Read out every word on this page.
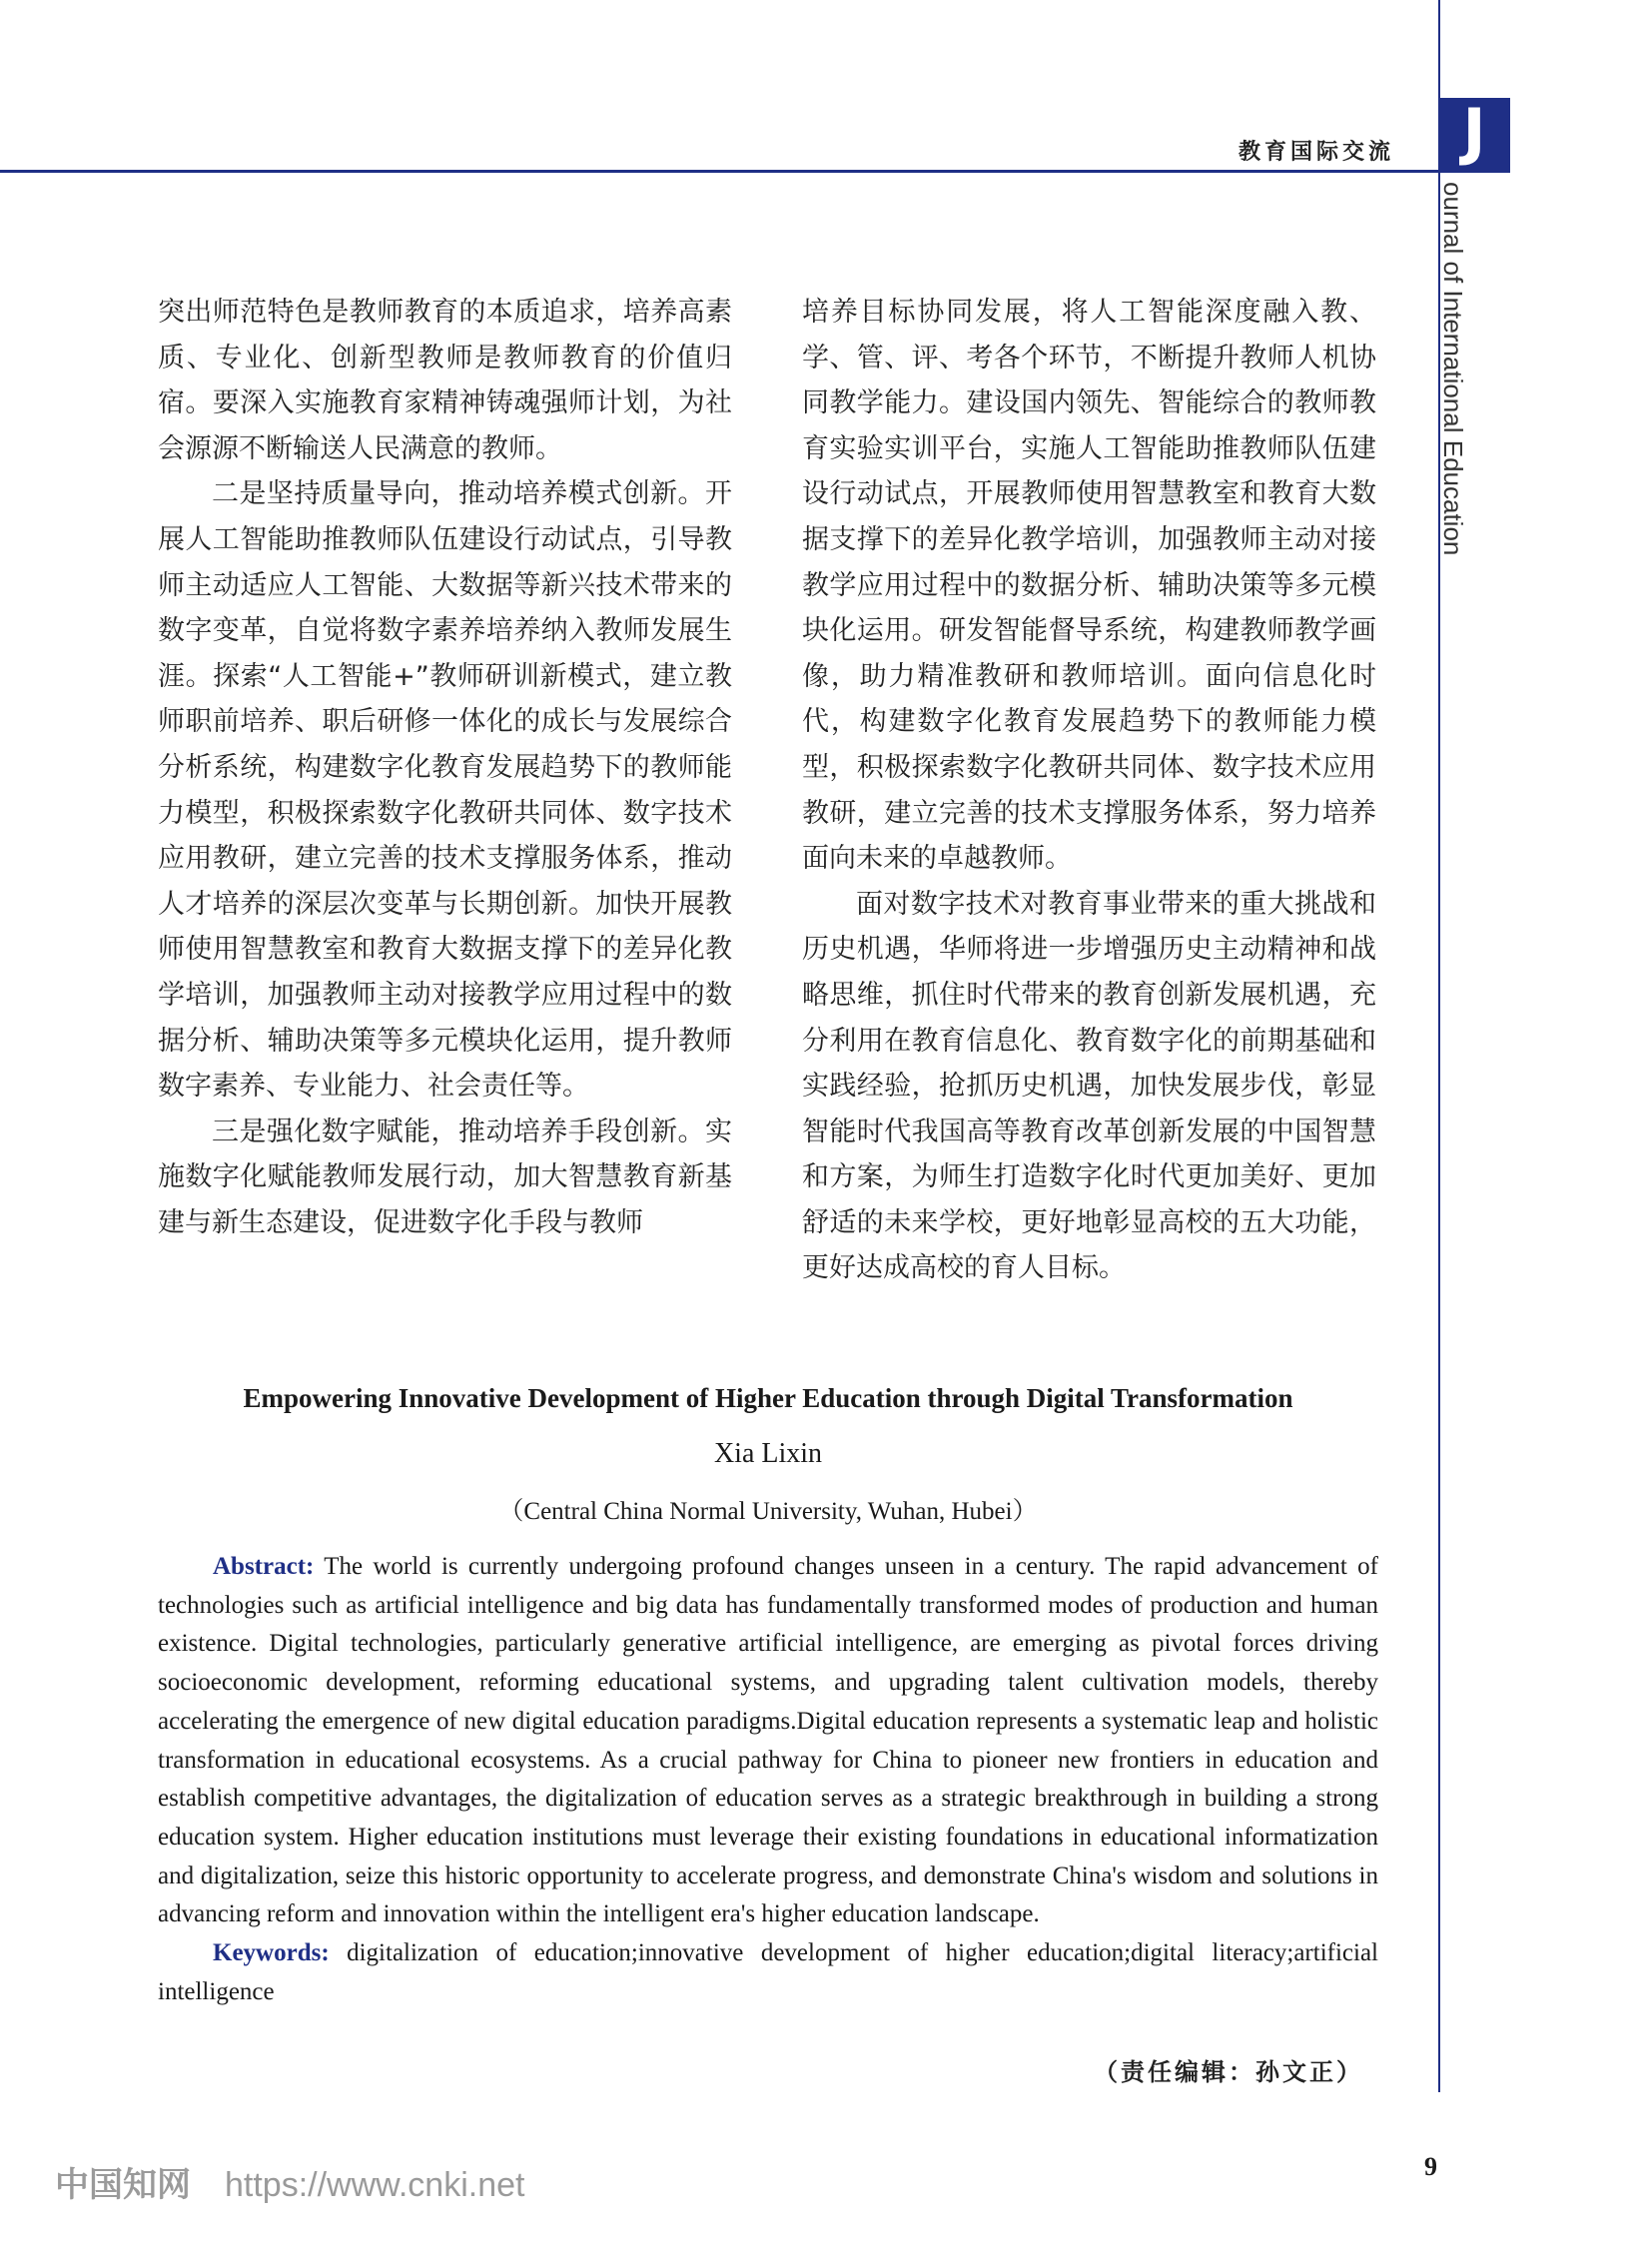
教育国际交流 J
ournal of International Education

突出师范特色是教师教育的本质追求，培养高素质、专业化、创新型教师是教师教育的价值归宿。要深入实施教育家精神铸魂强师计划，为社会源源不断输送人民满意的教师。

二是坚持质量导向，推动培养模式创新。开展人工智能助推教师队伍建设行动试点，引导教师主动适应人工智能、大数据等新兴技术带来的数字变革，自觉将数字素养培养纳入教师发展生涯。探索“人工智能+”教师研训新模式，建立教师职前培养、职后研修一体化的成长与发展综合分析系统，构建数字化教育发展趋势下的教师能力模型，积极探索数字化教研共同体、数字技术应用教研，建立完善的技术支撑服务体系，推动人才培养的深层次变革与长期创新。加快开展教师使用智慧教室和教育大数据支撑下的差异化教学培训，加强教师主动对接教学应用过程中的数据分析、辅助决策等多元模块化运用，提升教师数字素养、专业能力、社会责任等。

三是强化数字赋能，推动培养手段创新。实施数字化赋能教师发展行动，加大智慧教育新基建与新生态建设，促进数字化手段与教师

培养目标协同发展，将人工智能深度融入教、学、管、评、考各个环节，不断提升教师人机协同教学能力。建设国内领先、智能综合的教师教育实验实训平台，实施人工智能助推教师队伍建设行动试点，开展教师使用智慧教室和教育大数据支撑下的差异化教学培训，加强教师主动对接教学应用过程中的数据分析、辅助决策等多元模块化运用。研发智能督导系统，构建教师教学画像，助力精准教研和教师培训。面向信息化时代，构建数字化教育发展趋势下的教师能力模型，积极探索数字化教研共同体、数字技术应用教研，建立完善的技术支撑服务体系，努力培养面向未来的卓越教师。

面对数字技术对教育事业带来的重大挑战和历史机遇，华师将进一步增强历史主动精神和战略思维，抓住时代带来的教育创新发展机遇，充分利用在教育信息化、教育数字化的前期基础和实践经验，抢抓历史机遇，加快发展步伐，彰显智能时代我国高等教育改革创新发展的中国智慧和方案，为师生打造数字化时代更加美好、更加舒适的未来学校，更好地彰显高校的五大功能，更好达成高校的育人目标。

Empowering Innovative Development of Higher Education through Digital Transformation
Xia Lixin
（Central China Normal University, Wuhan, Hubei）

Abstract: The world is currently undergoing profound changes unseen in a century. The rapid advancement of technologies such as artificial intelligence and big data has fundamentally transformed modes of production and human existence. Digital technologies, particularly generative artificial intelligence, are emerging as pivotal forces driving socioeconomic development, reforming educational systems, and upgrading talent cultivation models, thereby accelerating the emergence of new digital education paradigms.Digital education represents a systematic leap and holistic transformation in educational ecosystems. As a crucial pathway for China to pioneer new frontiers in education and establish competitive advantages, the digitalization of education serves as a strategic breakthrough in building a strong education system. Higher education institutions must leverage their existing foundations in educational informatization and digitalization, seize this historic opportunity to accelerate progress, and demonstrate China's wisdom and solutions in advancing reform and innovation within the intelligent era's higher education landscape.

Keywords: digitalization of education;innovative development of higher education;digital literacy;artificial intelligence

（责任编辑：孙文正）
中国知网 https://www.cnki.net	9
